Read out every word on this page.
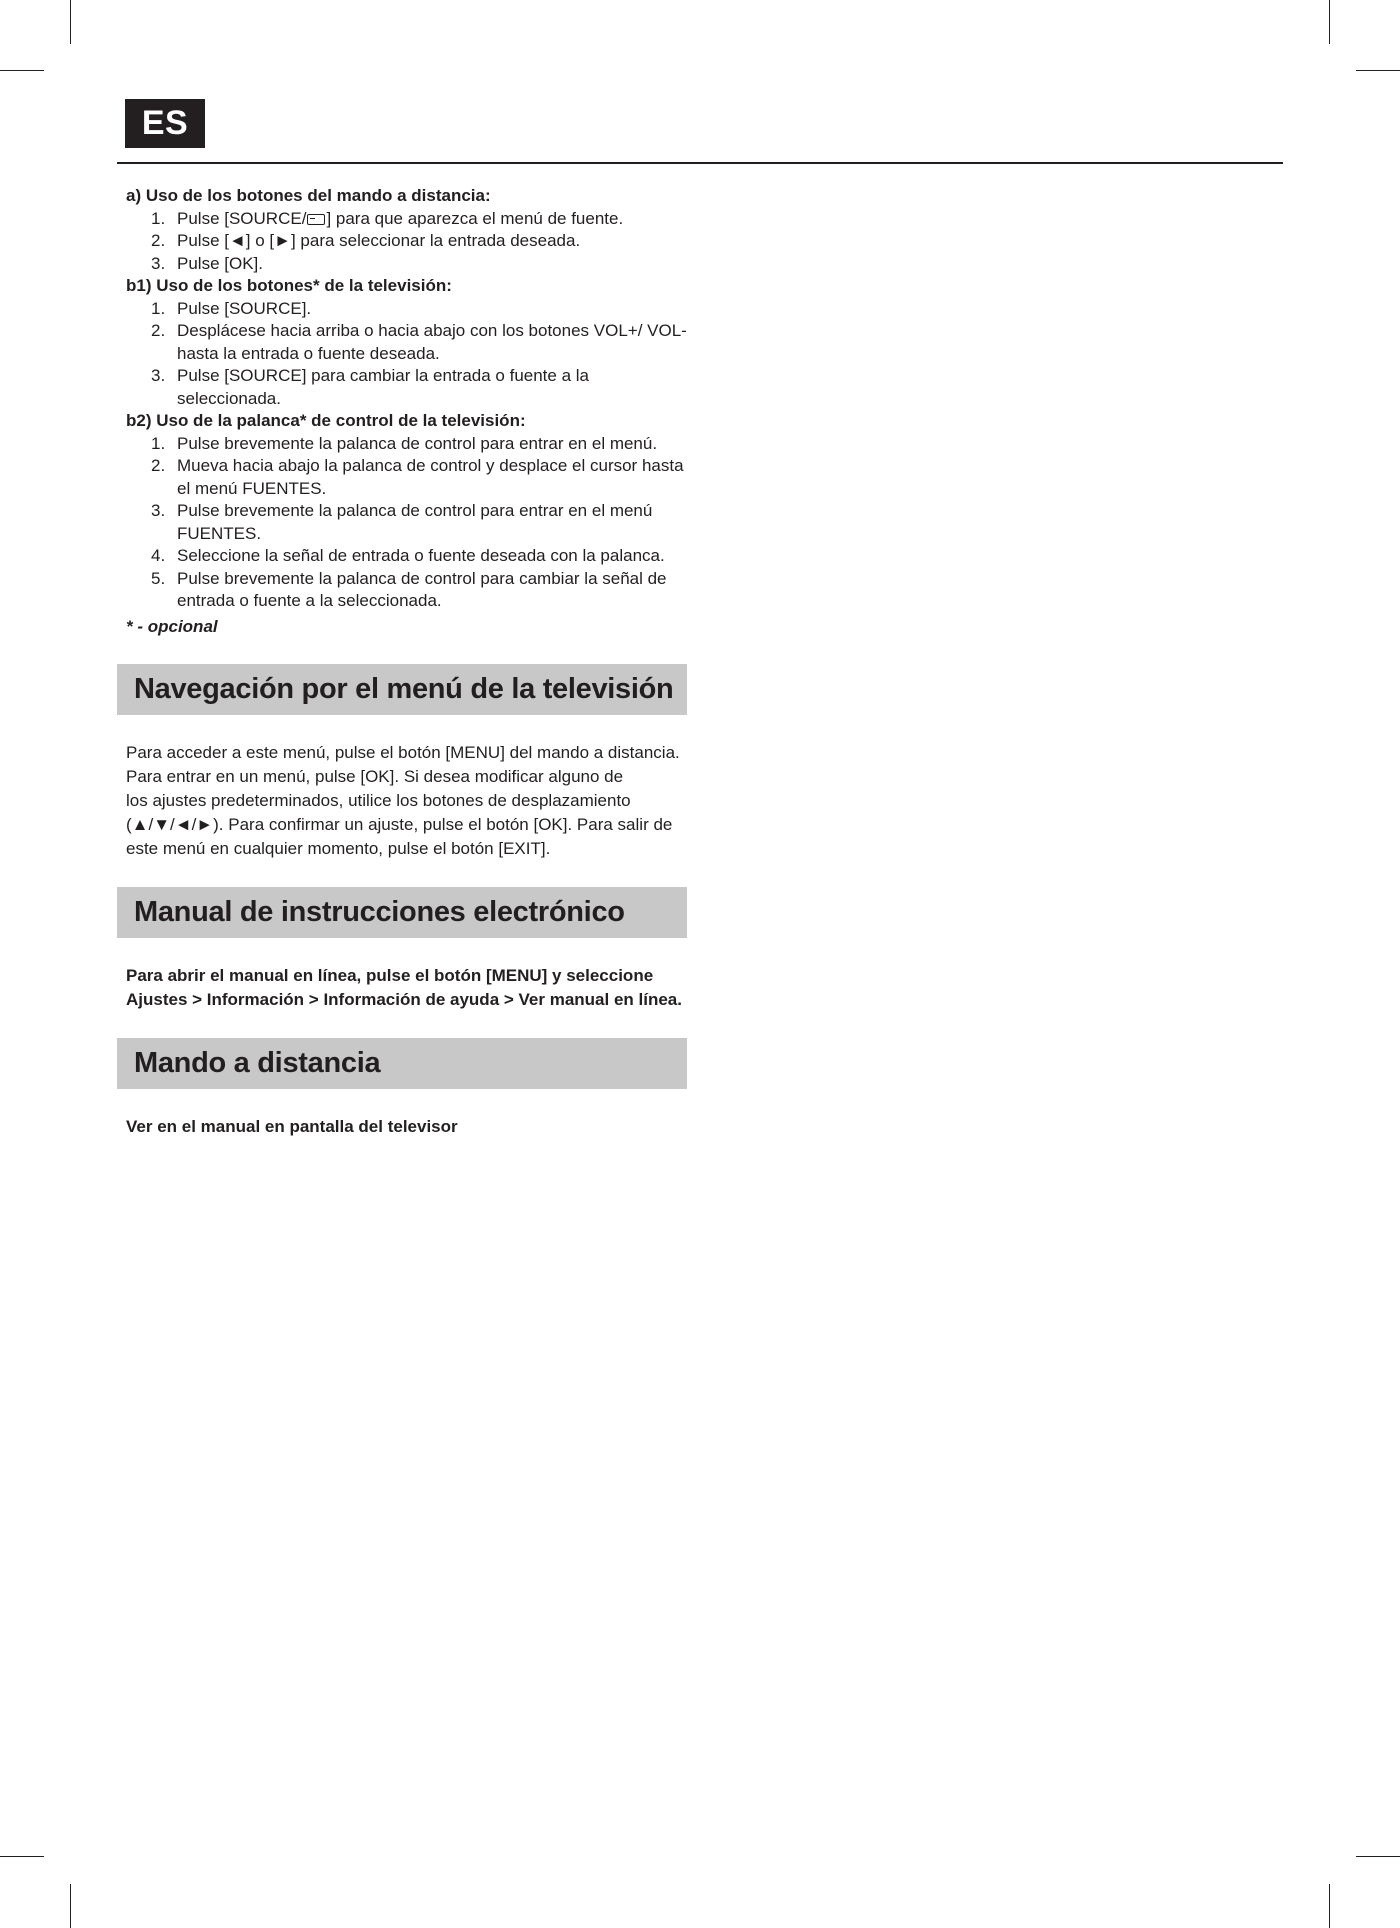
ES

a) Uso de los botones del mando a distancia:

1. Pulse [SOURCE/ ] para que aparezca el menú de fuente.
2. Pulse [◄] o [►] para seleccionar la entrada deseada.
3. Pulse [OK].

b1) Uso de los botones* de la televisión:

1. Pulse [SOURCE].
2. Desplácese hacia arriba o hacia abajo con los botones VOL+/ VOL-
hasta la entrada o fuente deseada.
3. Pulse [SOURCE] para cambiar la entrada o fuente a la seleccionada.

b2) Uso de la palanca* de control de la televisión:

1. Pulse brevemente la palanca de control para entrar en el menú.
2. Mueva hacia abajo la palanca de control y desplace el cursor hasta
el menú FUENTES.
3. Pulse brevemente la palanca de control para entrar en el menú
FUENTES.
4. Seleccione la señal de entrada o fuente deseada con la palanca.
5. Pulse brevemente la palanca de control para cambiar la señal de
entrada o fuente a la seleccionada.

* - opcional

Navegación por el menú de la televisión

Para acceder a este menú, pulse el botón [MENU] del mando a distancia.

Para entrar en un menú, pulse [OK]. Si desea modificar alguno de

los ajustes predeterminados, utilice los botones de desplazamiento

(▲/▼/◄/►). Para confirmar un ajuste, pulse el botón [OK]. Para salir de

este menú en cualquier momento, pulse el botón [EXIT].

Manual de instrucciones electrónico

Para abrir el manual en línea, pulse el botón [MENU] y seleccione

Ajustes > Información > Información de ayuda > Ver manual en línea.

Mando a distancia

Ver en el manual en pantalla del televisor
